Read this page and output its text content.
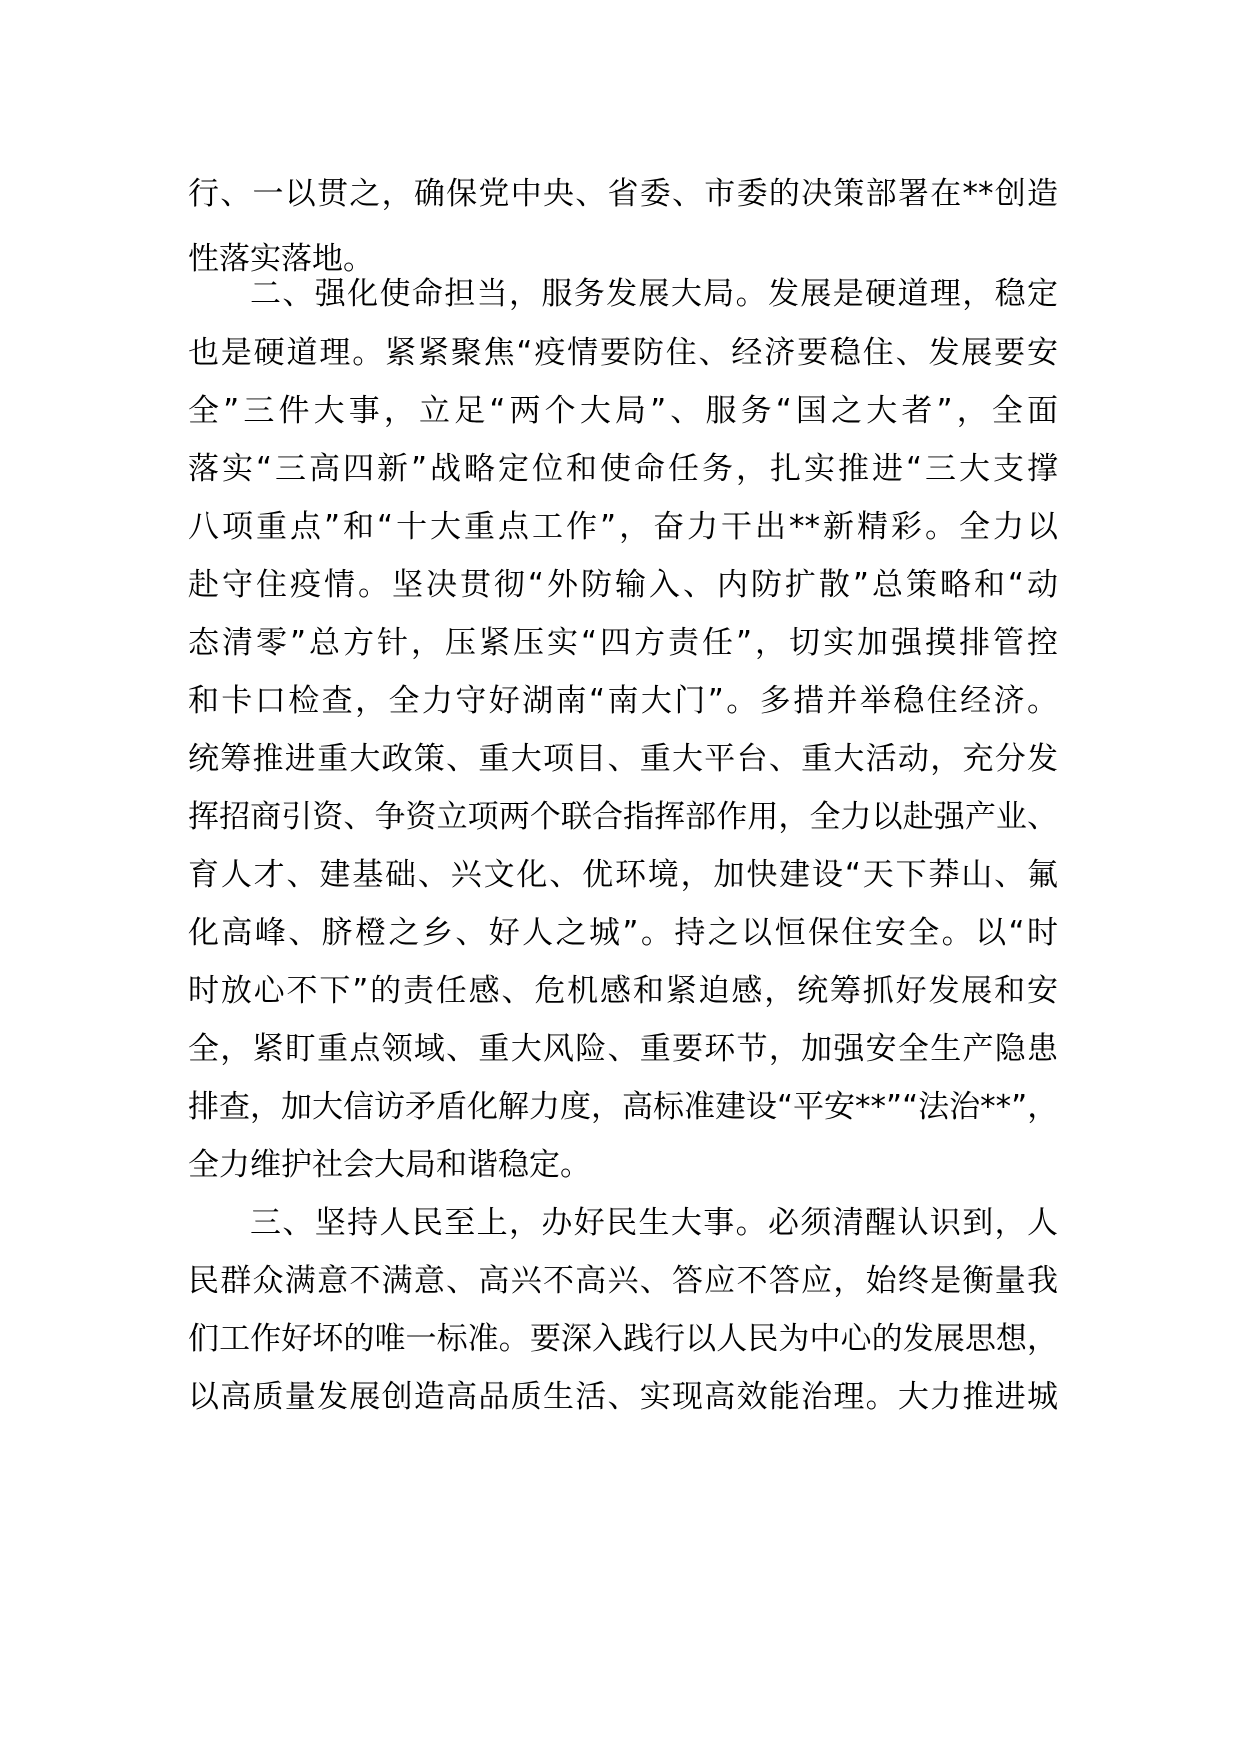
行、一以贯之，确保党中央、省委、市委的决策部署在**创造
性落实落地。
二、强化使命担当，服务发展大局。发展是硬道理，稳定
也是硬道理。紧紧聚焦“疫情要防住、经济要稳住、发展要安
全”三件大事，立足“两个大局”、服务“国之大者”，全面
落实“三高四新”战略定位和使命任务，扎实推进“三大支撑
八项重点”和“十大重点工作”，奋力干出**新精彩。全力以
赴守住疫情。坚决贯彻“外防输入、内防扩散”总策略和“动
态清零”总方针，压紧压实“四方责任”，切实加强摸排管控
和卡口检查，全力守好湖南“南大门”。多措并举稳住经济。
统筹推进重大政策、重大项目、重大平台、重大活动，充分发
挥招商引资、争资立项两个联合指挥部作用，全力以赴强产业、
育人才、建基础、兴文化、优环境，加快建设“天下莽山、氟
化高峰、脐橙之乡、好人之城”。持之以恒保住安全。以“时
时放心不下”的责任感、危机感和紧迫感，统筹抓好发展和安
全，紧盯重点领域、重大风险、重要环节，加强安全生产隐患
排查，加大信访矛盾化解力度，高标准建设“平安**”“法治**”，
全力维护社会大局和谐稳定。
三、坚持人民至上，办好民生大事。必须清醒认识到，人
民群众满意不满意、高兴不高兴、答应不答应，始终是衡量我
们工作好坏的唯一标准。要深入践行以人民为中心的发展思想，
以高质量发展创造高品质生活、实现高效能治理。大力推进城
